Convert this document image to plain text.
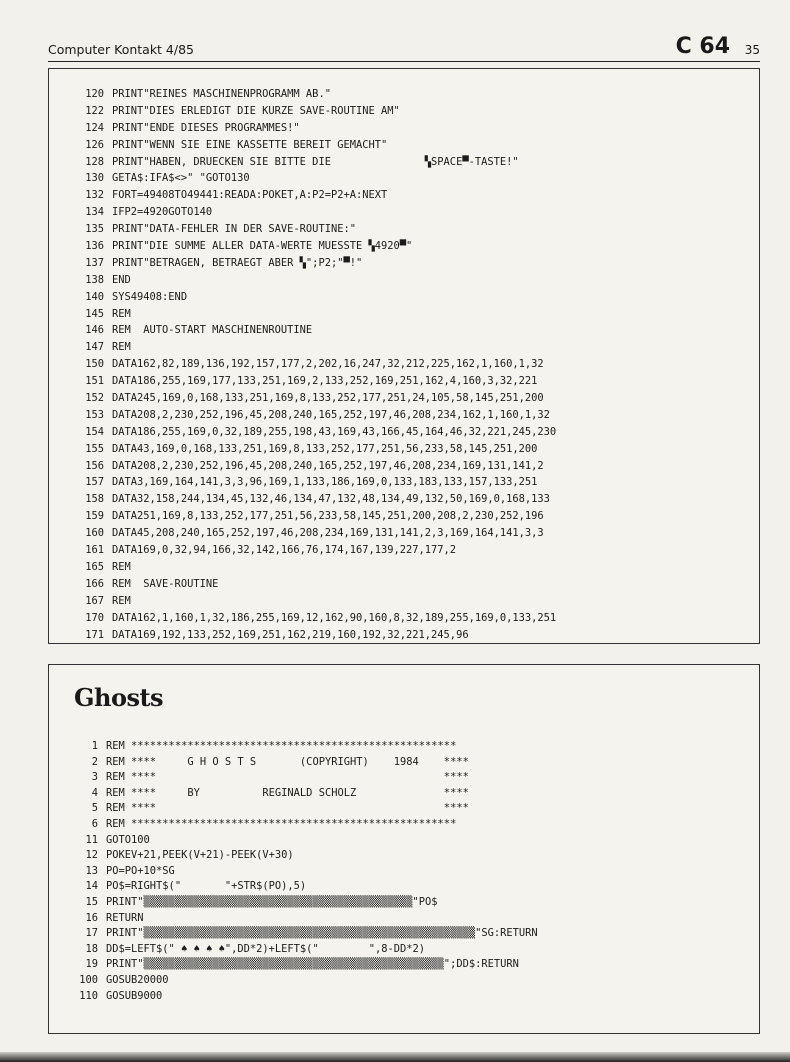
Computer Kontakt 4/85	C 64 35
120 PRINT"REINES MASCHINENPROGRAMM AB."
122 PRINT"DIES ERLEDIGT DIE KURZE SAVE-ROUTINE AM"
124 PRINT"ENDE DIESES PROGRAMMES!"
126 PRINT"WENN SIE EINE KASSETTE BEREIT GEMACHT"
128 PRINT"HABEN, DRUECKEN SIE BITTE DIE               ▚SPACE▀-TASTE!"
130 GETA$:IFA$<>" "GOTO130
132 FORT=49408TO49441:READA:POKET,A:P2=P2+A:NEXT
134 IFP2=4920GOTO140
135 PRINT"DATA-FEHLER IN DER SAVE-ROUTINE:"
136 PRINT"DIE SUMME ALLER DATA-WERTE MUESSTE ▚4920▀"
137 PRINT"BETRAGEN, BETRAEGT ABER ▚";P2;"▀!"
138 END
140 SYS49408:END
145 REM
146 REM  AUTO-START MASCHINENROUTINE
147 REM
150 DATA162,82,189,136,192,157,177,2,202,16,247,32,212,225,162,1,160,1,32
151 DATA186,255,169,177,133,251,169,2,133,252,169,251,162,4,160,3,32,221
152 DATA245,169,0,168,133,251,169,8,133,252,177,251,24,105,58,145,251,200
153 DATA208,2,230,252,196,45,208,240,165,252,197,46,208,234,162,1,160,1,32
154 DATA186,255,169,0,32,189,255,198,43,169,43,166,45,164,46,32,221,245,230
155 DATA43,169,0,168,133,251,169,8,133,252,177,251,56,233,58,145,251,200
156 DATA208,2,230,252,196,45,208,240,165,252,197,46,208,234,169,131,141,2
157 DATA3,169,164,141,3,3,96,169,1,133,186,169,0,133,183,133,157,133,251
158 DATA32,158,244,134,45,132,46,134,47,132,48,134,49,132,50,169,0,168,133
159 DATA251,169,8,133,252,177,251,56,233,58,145,251,200,208,2,230,252,196
160 DATA45,208,240,165,252,197,46,208,234,169,131,141,2,3,169,164,141,3,3
161 DATA169,0,32,94,166,32,142,166,76,174,167,139,227,177,2
165 REM
166 REM  SAVE-ROUTINE
167 REM
170 DATA162,1,160,1,32,186,255,169,12,162,90,160,8,32,189,255,169,0,133,251
171 DATA169,192,133,252,169,251,162,219,160,192,32,221,245,96
Ghosts
1 REM ****************************************************
2 REM ****     G H O S T S       (COPYRIGHT)    1984    ****
3 REM ****                                              ****
4 REM ****     BY          REGINALD SCHOLZ              ****
5 REM ****                                              ****
6 REM ****************************************************
11 GOTO100
12 POKEV+21,PEEK(V+21)-PEEK(V+30)
13 PO=PO+10*SG
14 PO$=RIGHT$("       "+STR$(PO),5)
15 PRINT"▒▒▒▒▒▒▒▒▒▒▒▒▒▒▒▒▒▒▒▒▒▒▒▒▒▒▒▒▒▒▒▒▒▒▒▒▒▒▒▒▒▒▒"PO$
16 RETURN
17 PRINT"▒▒▒▒▒▒▒▒▒▒▒▒▒▒▒▒▒▒▒▒▒▒▒▒▒▒▒▒▒▒▒▒▒▒▒▒▒▒▒▒▒▒▒▒▒▒▒▒▒▒▒▒▒"SG:RETURN
18 DD$=LEFT$(" ♠ ♠ ♠ ♠",DD*2)+LEFT$("        ",8-DD*2)
19 PRINT"▒▒▒▒▒▒▒▒▒▒▒▒▒▒▒▒▒▒▒▒▒▒▒▒▒▒▒▒▒▒▒▒▒▒▒▒▒▒▒▒▒▒▒▒▒▒▒▒";DD$:RETURN
100 GOSUB20000
110 GOSUB9000
